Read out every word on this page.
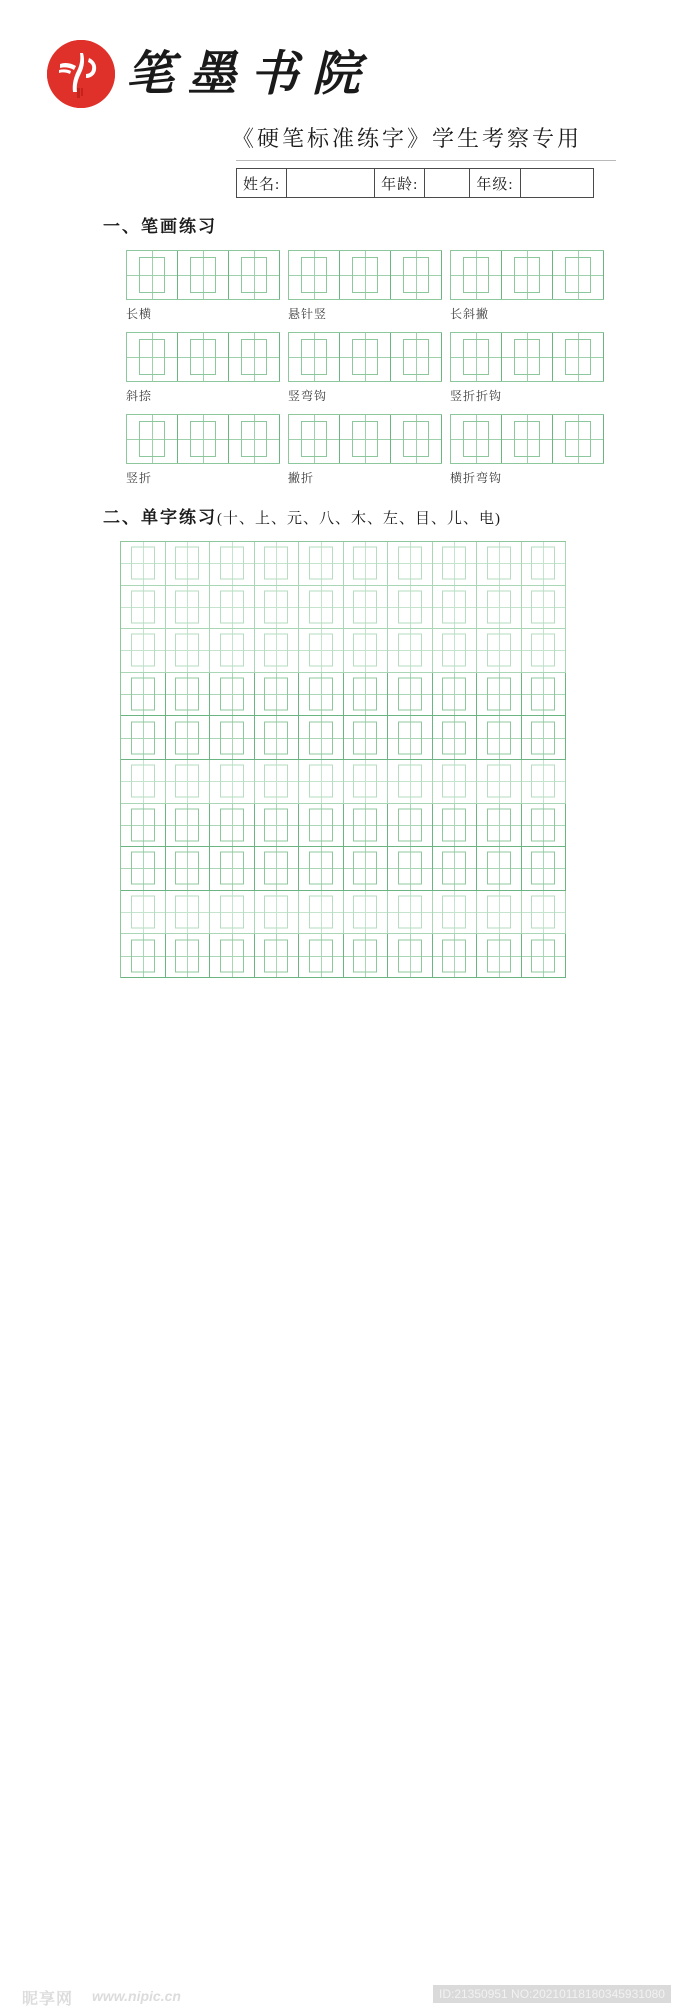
笔墨书院
《硬笔标准练字》学生考察专用
姓名:	年龄:	年级:
一、笔画练习
长横	悬针竖	长斜撇
斜捺	竖弯钩	竖折折钩
竖折	撇折	横折弯钩
二、单字练习(十、上、元、八、木、左、目、儿、电)
昵享网 www.nipic.cn	ID:21350951 NO:20210118180345931080
